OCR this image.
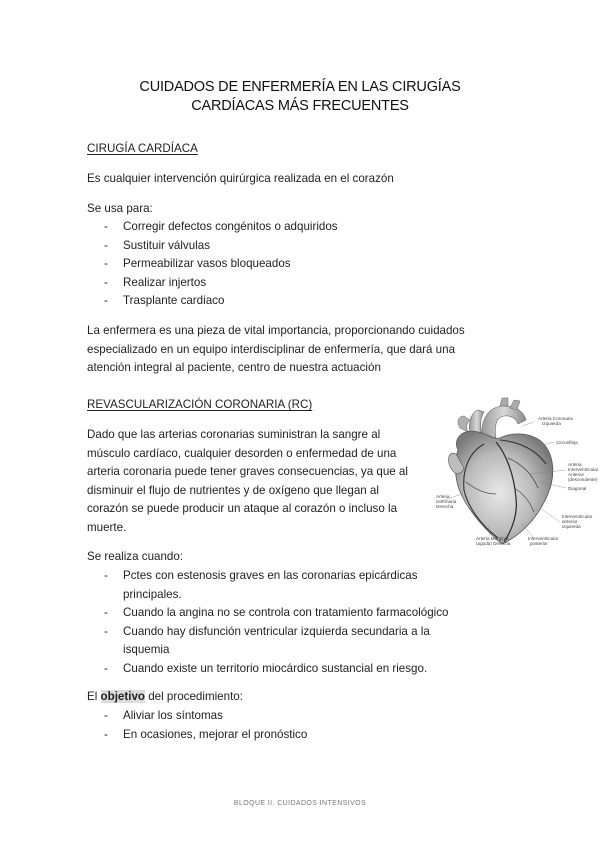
CUIDADOS DE ENFERMERÍA EN LAS CIRUGÍAS
CARDÍACAS MÁS FRECUENTES
CIRUGÍA CARDÍACA
Es cualquier intervención quirúrgica realizada en el corazón
Se usa para:
- Corregir defectos congénitos o adquiridos
- Sustituir válvulas
- Permeabilizar vasos bloqueados
- Realizar injertos
- Trasplante cardiaco
La enfermera es una pieza de vital importancia, proporcionando cuidados
especializado en un equipo interdisciplinar de enfermería, que dará una
atención integral al paciente, centro de nuestra actuación
REVASCULARIZACIÓN CORONARIA (RC)
Dado que las arterias coronarias suministran la sangre al
músculo cardíaco, cualquier desorden o enfermedad de una
arteria coronaria puede tener graves consecuencias, ya que al
disminuir el flujo de nutrientes y de oxígeno que llegan al
corazón se puede producir un ataque al corazón o incluso la
muerte.
Arteria Coronaria
Izquierda
Circunfleja
Arteria
Interventricular
Anterior
(descendente)
Diagonal
Arteria
Coronaria
Derecha
Arteria Marginal
(aguda) Derecha
Interventricular
posterior
Interventricular
anterior
izquierda
Se realiza cuando:
- Pctes con estenosis graves en las coronarias epicárdicas
principales.
- Cuando la angina no se controla con tratamiento farmacológico
- Cuando hay disfunción ventricular izquierda secundaria a la
isquemia
- Cuando existe un territorio miocárdico sustancial en riesgo.
El objetivo del procedimiento:
- Aliviar los síntomas
- En ocasiones, mejorar el pronóstico
BLOQUE II. CUIDADOS INTENSIVOS
